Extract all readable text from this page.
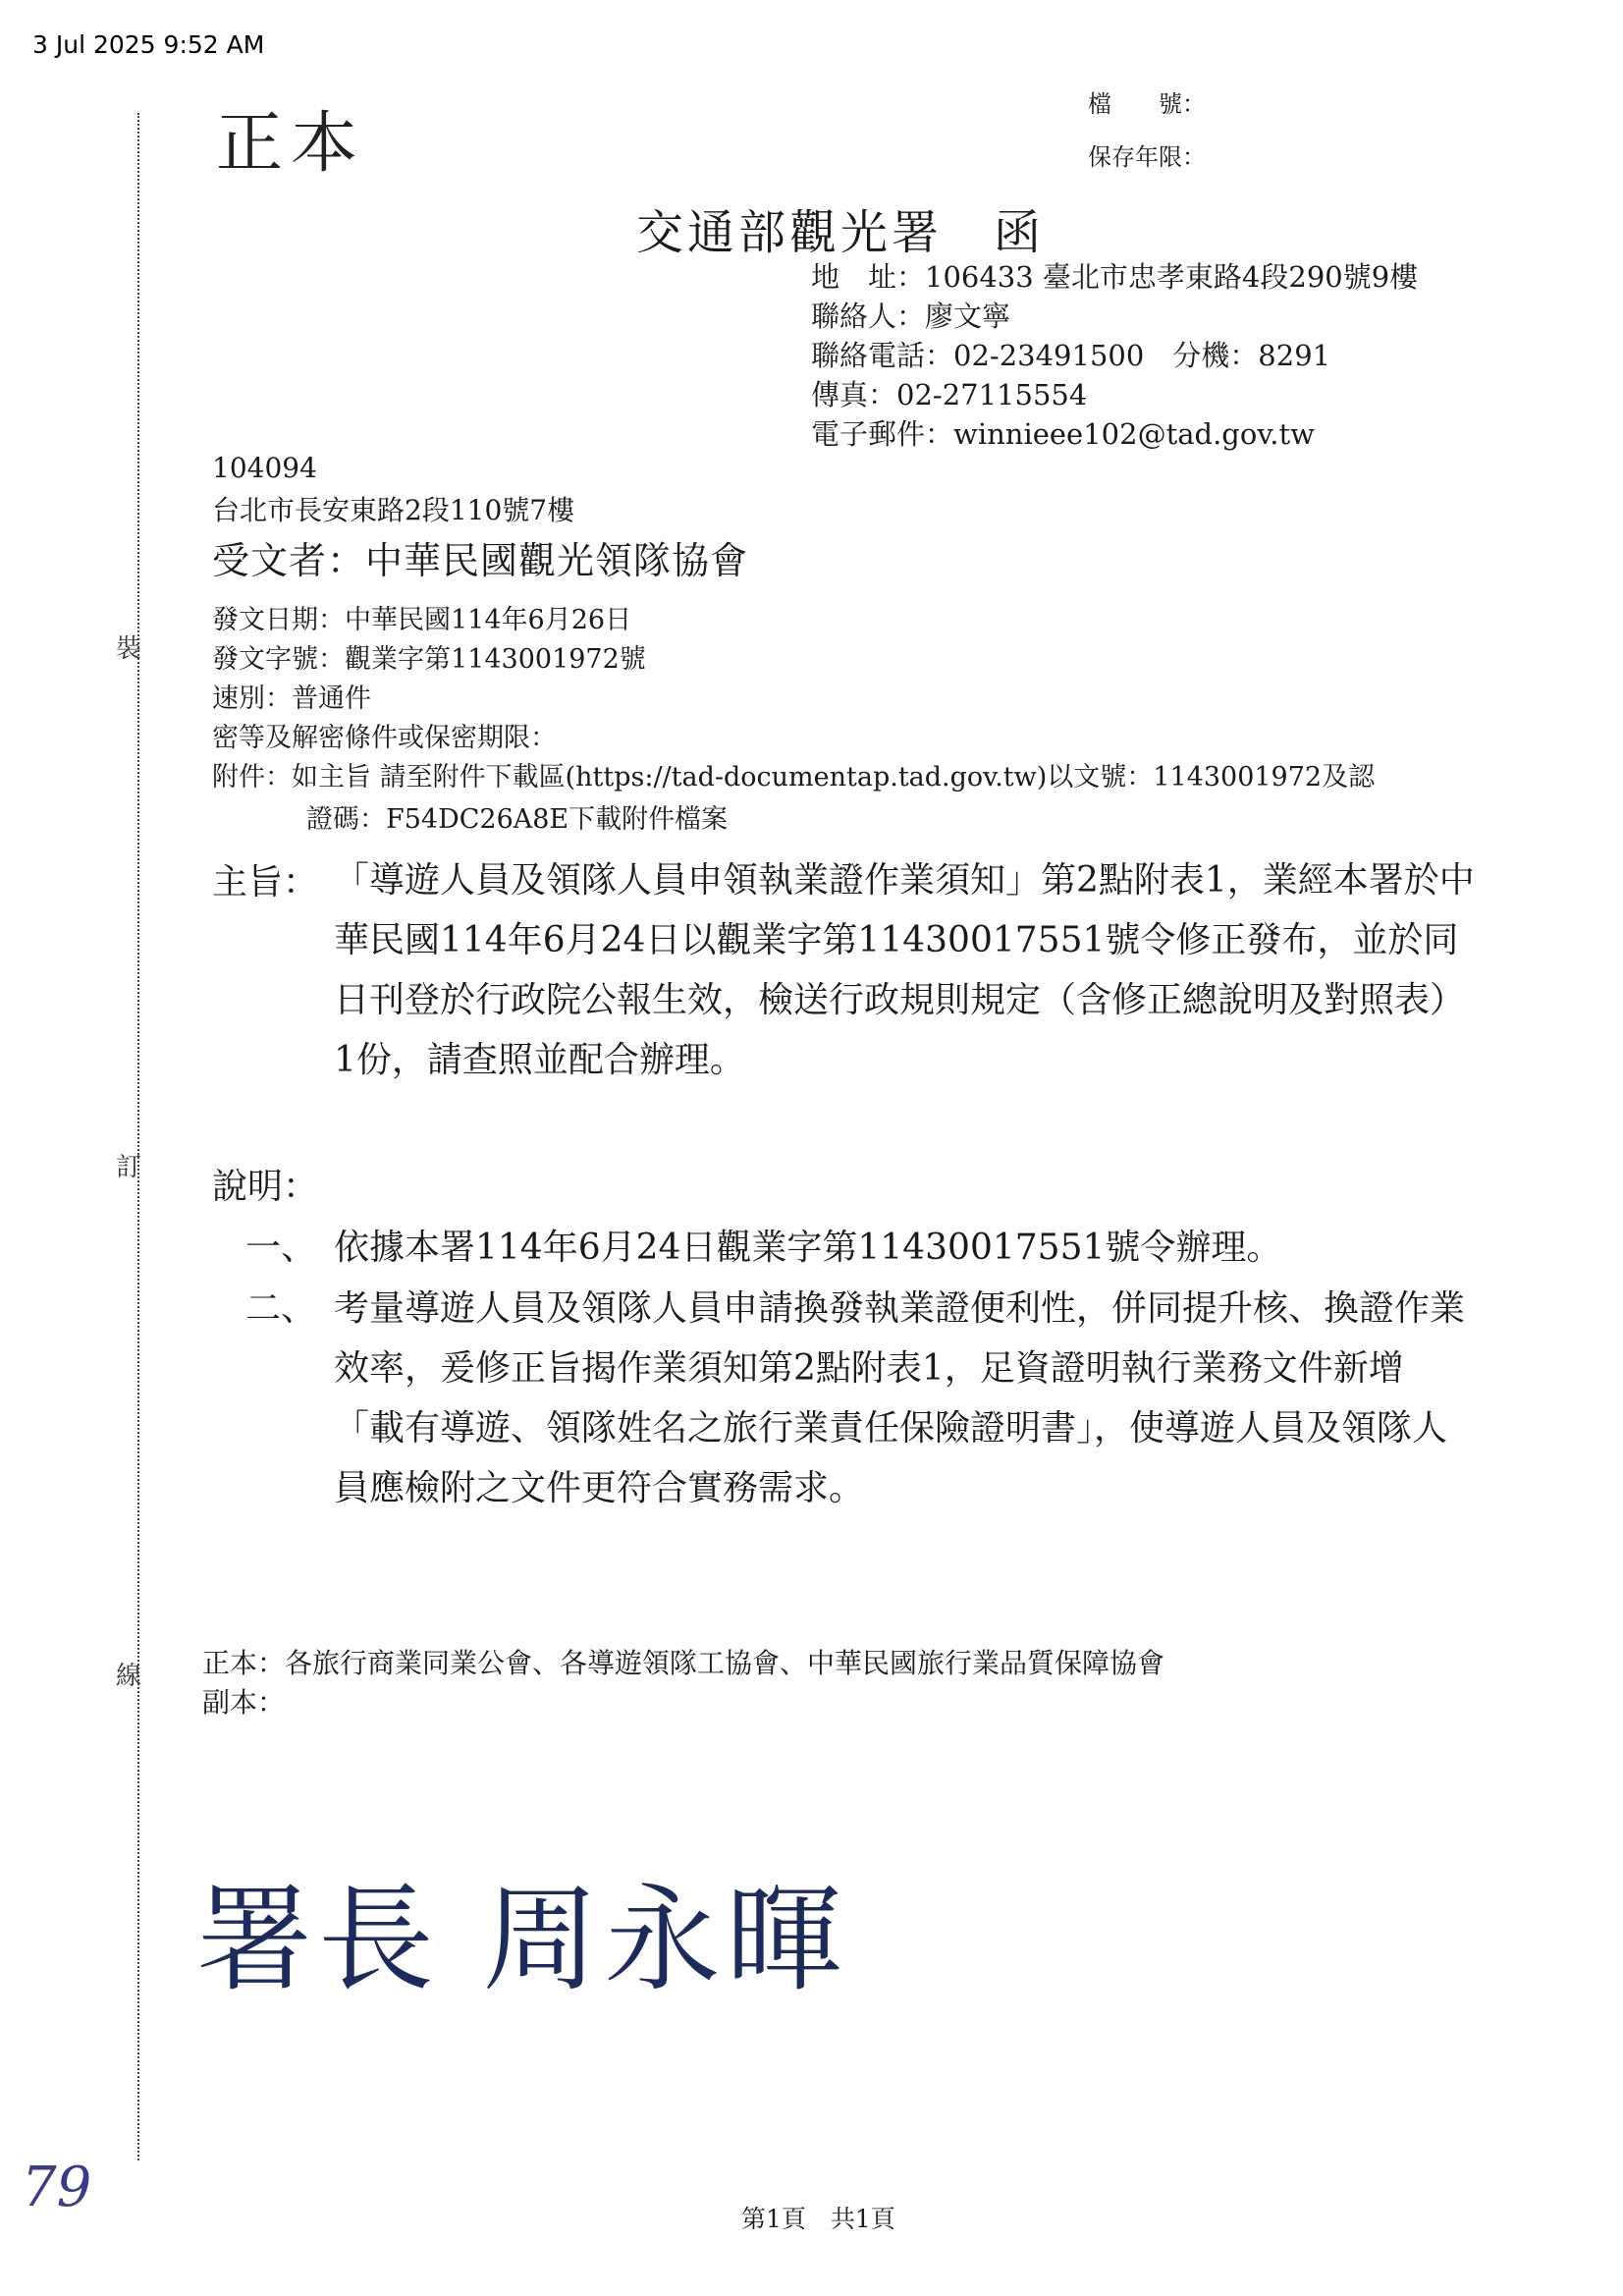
3 Jul 2025 9:52 AM
裝
訂
線
正本
檔　　號：
保存年限：
交通部觀光署　函
地　址：106433 臺北市忠孝東路4段290號9樓
聯絡人：廖文寧
聯絡電話：02-23491500　分機：8291
傳真：02-27115554
電子郵件：winnieee102@tad.gov.tw
104094
台北市長安東路2段110號7樓
受文者：中華民國觀光領隊協會
發文日期：中華民國114年6月26日
發文字號：觀業字第1143001972號
速別：普通件
密等及解密條件或保密期限：
附件：如主旨 請至附件下載區(https://tad-documentap.tad.gov.tw)以文號：1143001972及認
證碼：F54DC26A8E下載附件檔案
主旨： 「導遊人員及領隊人員申領執業證作業須知」第2點附表1，業經本署於中華民國114年6月24日以觀業字第11430017551號令修正發布，並於同日刊登於行政院公報生效，檢送行政規則規定（含修正總說明及對照表）1份，請查照並配合辦理。
說明：
一、 依據本署114年6月24日觀業字第11430017551號令辦理。
二、 考量導遊人員及領隊人員申請換發執業證便利性，併同提升核、換證作業效率，爰修正旨揭作業須知第2點附表1，足資證明執行業務文件新增「載有導遊、領隊姓名之旅行業責任保險證明書」，使導遊人員及領隊人員應檢附之文件更符合實務需求。
正本：各旅行商業同業公會、各導遊領隊工協會、中華民國旅行業品質保障協會
副本：
署長 周永暉
79	第1頁　共1頁
